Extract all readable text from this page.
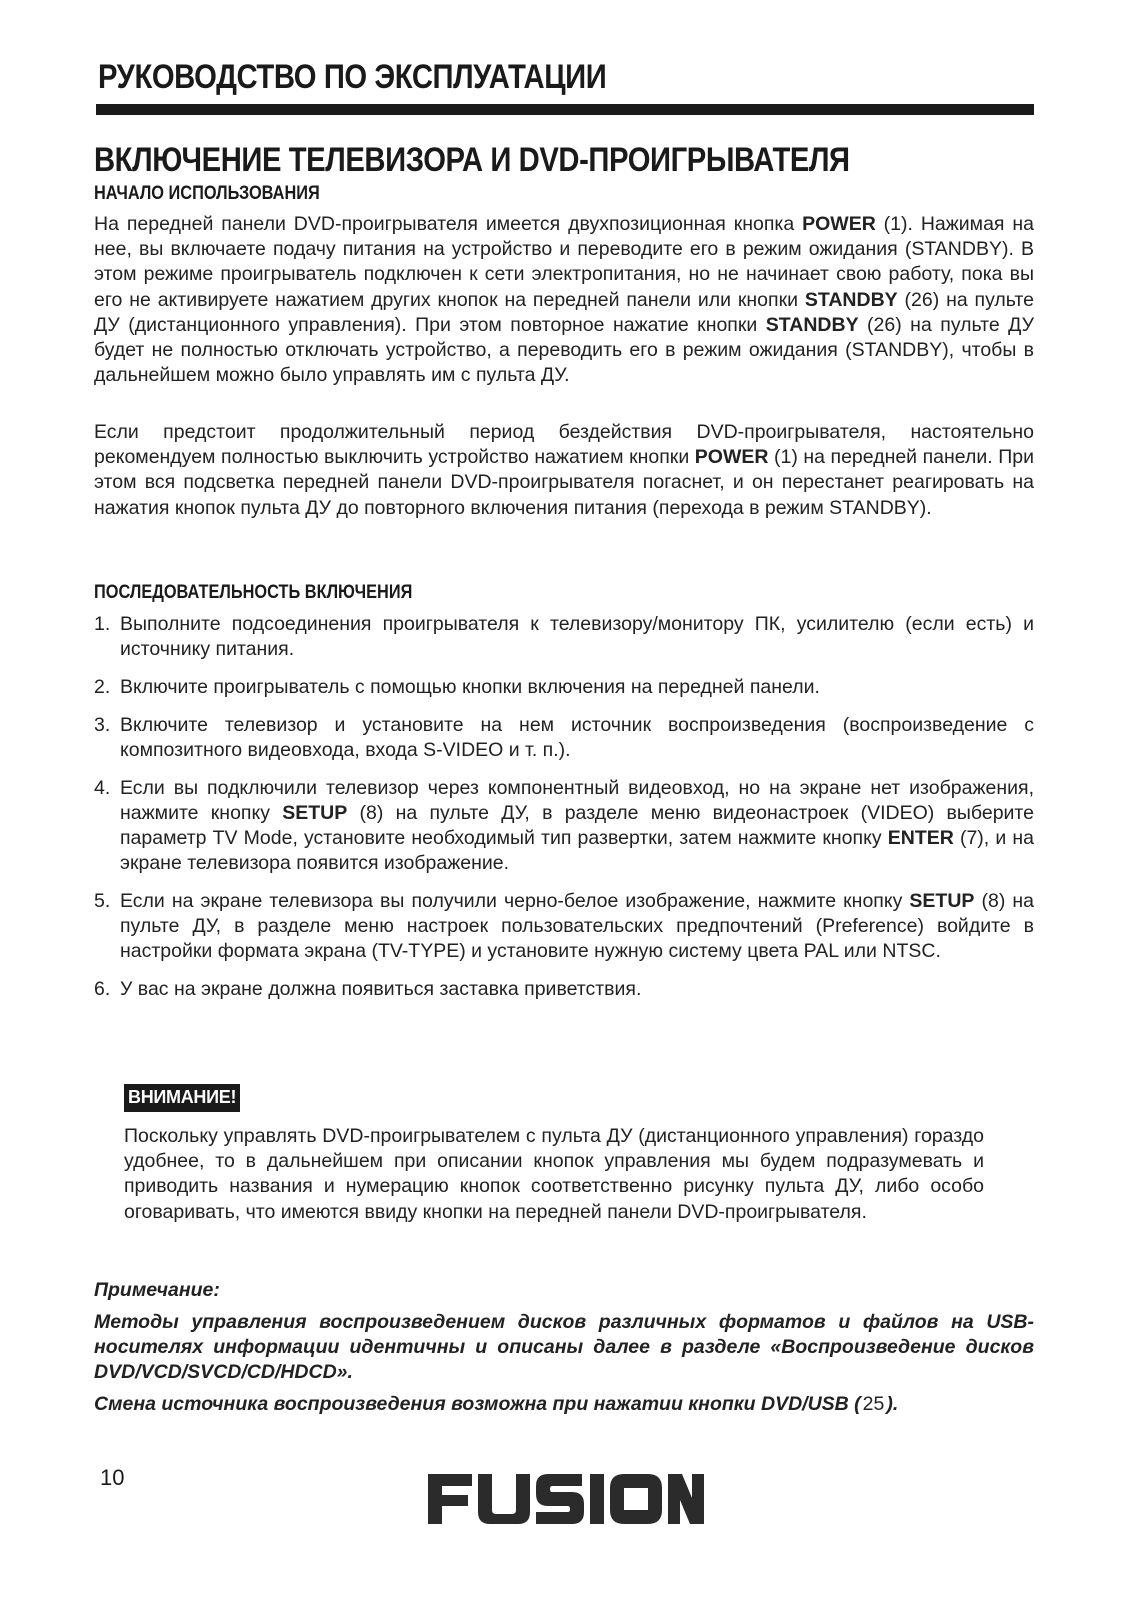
РУКОВОДСТВО ПО ЭКСПЛУАТАЦИИ
ВКЛЮЧЕНИЕ ТЕЛЕВИЗОРА И DVD-ПРОИГРЫВАТЕЛЯ
НАЧАЛО ИСПОЛЬЗОВАНИЯ
На передней панели DVD-проигрывателя имеется двухпозиционная кнопка POWER (1). Нажимая на нее, вы включаете подачу питания на устройство и переводите его в режим ожидания (STANDBY). В этом режиме проигрыватель подключен к сети электропитания, но не начинает свою работу, пока вы его не активируете нажатием других кнопок на передней панели или кнопки STANDBY (26) на пульте ДУ (дистанционного управления). При этом повторное нажатие кнопки STANDBY (26) на пульте ДУ будет не полностью отключать устройство, а переводить его в режим ожидания (STANDBY), чтобы в дальнейшем можно было управлять им с пульта ДУ.
Если предстоит продолжительный период бездействия DVD-проигрывателя, настоятельно рекомендуем полностью выключить устройство нажатием кнопки POWER (1) на передней панели. При этом вся подсветка передней панели DVD-проигрывателя погаснет, и он перестанет реагировать на нажатия кнопок пульта ДУ до повторного включения питания (перехода в режим STANDBY).
ПОСЛЕДОВАТЕЛЬНОСТЬ ВКЛЮЧЕНИЯ
1. Выполните подсоединения проигрывателя к телевизору/монитору ПК, усилителю (если есть) и источнику питания.
2. Включите проигрыватель с помощью кнопки включения на передней панели.
3. Включите телевизор и установите на нем источник воспроизведения (воспроизведение с композитного видеовхода, входа S-VIDEO и т. п.).
4. Если вы подключили телевизор через компонентный видеовход, но на экране нет изображения, нажмите кнопку SETUP (8) на пульте ДУ, в разделе меню видеонастроек (VIDEO) выберите параметр TV Mode, установите необходимый тип развертки, затем нажмите кнопку ENTER (7), и на экране телевизора появится изображение.
5. Если на экране телевизора вы получили черно-белое изображение, нажмите кнопку SETUP (8) на пульте ДУ, в разделе меню настроек пользовательских предпочтений (Preference) войдите в настройки формата экрана (TV-TYPE) и установите нужную систему цвета PAL или NTSC.
6. У вас на экране должна появиться заставка приветствия.
ВНИМАНИЕ!
Поскольку управлять DVD-проигрывателем с пульта ДУ (дистанционного управления) гораздо удобнее, то в дальнейшем при описании кнопок управления мы будем подразумевать и приводить названия и нумерацию кнопок соответственно рисунку пульта ДУ, либо особо оговаривать, что имеются ввиду кнопки на передней панели DVD-проигрывателя.
Примечание:
Методы управления воспроизведением дисков различных форматов и файлов на USB-носителях информации идентичны и описаны далее в разделе «Воспроизведение дисков DVD/VCD/SVCD/CD/HDCD».
Смена источника воспроизведения возможна при нажатии кнопки DVD/USB ( 25 ).
10
